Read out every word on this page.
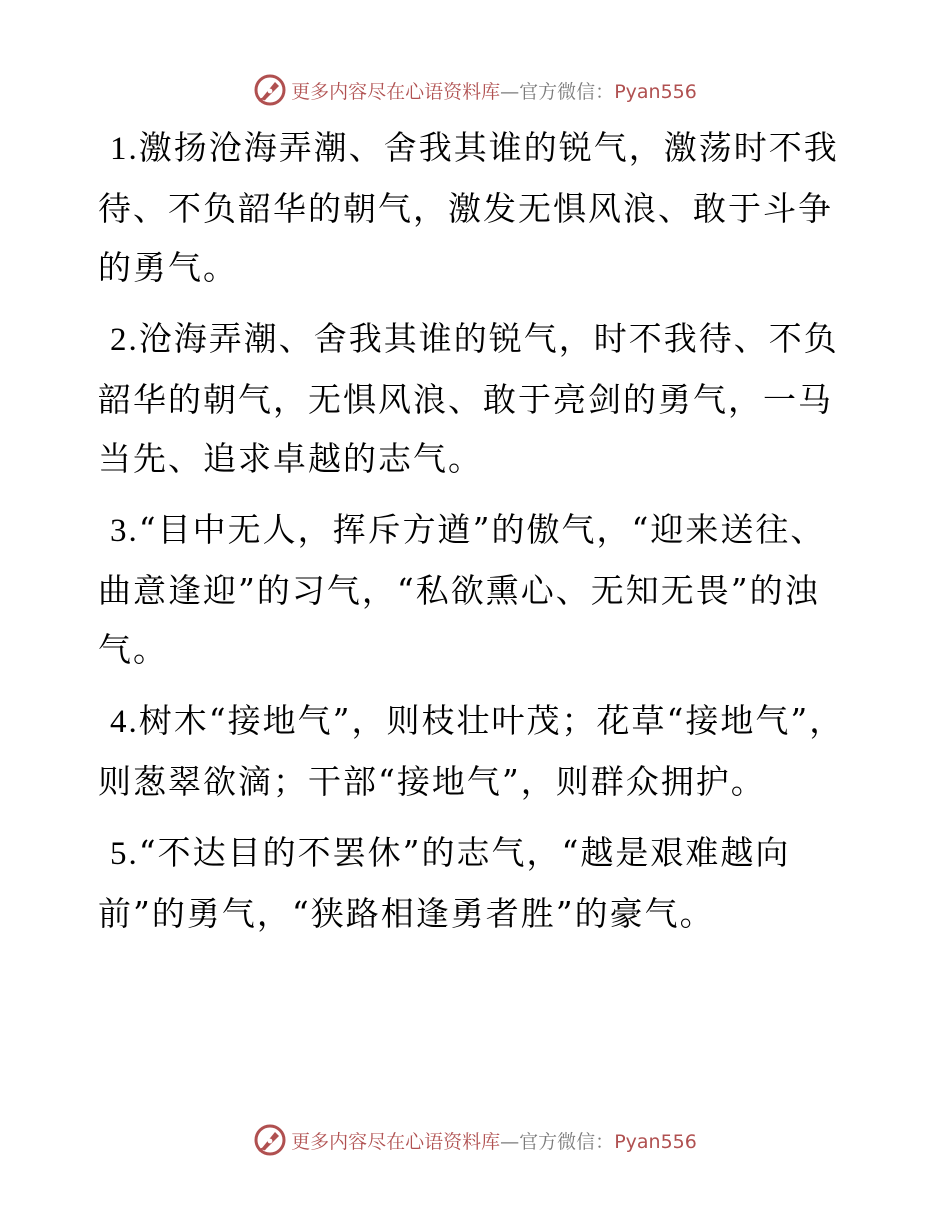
更多内容尽在心语资料库—官方微信：Pyan556

1.激扬沧海弄潮、舍我其谁的锐气，激荡时不我待、不负韶华的朝气，激发无惧风浪、敢于斗争的勇气。

2.沧海弄潮、舍我其谁的锐气，时不我待、不负韶华的朝气，无惧风浪、敢于亮剑的勇气，一马当先、追求卓越的志气。

3.“目中无人，挥斥方遒”的傲气，“迎来送往、曲意逢迎”的习气，“私欲熏心、无知无畏”的浊气。

4.树木“接地气”，则枝壮叶茂；花草“接地气”，则葱翠欲滴；干部“接地气”，则群众拥护。

5.“不达目的不罢休”的志气，“越是艰难越向前”的勇气，“狭路相逢勇者胜”的豪气。

更多内容尽在心语资料库—官方微信：Pyan556
